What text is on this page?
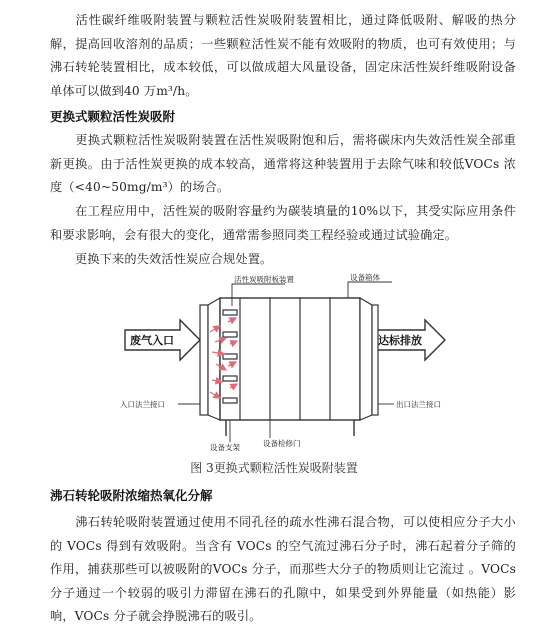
活性碳纤维吸附装置与颗粒活性炭吸附装置相比，通过降低吸附、解吸的热分解，提高回收溶剂的品质；一些颗粒活性炭不能有效吸附的物质，也可有效使用；与沸石转轮装置相比，成本较低，可以做成超大风量设备，固定床活性炭纤维吸附设备单体可以做到40 万m³/h。

更换式颗粒活性炭吸附

更换式颗粒活性炭吸附装置在活性炭吸附饱和后，需将碳床内失效活性炭全部重新更换。由于活性炭更换的成本较高，通常将这种装置用于去除气味和较低VOCs 浓度（<40~50mg/m³）的场合。

在工程应用中，活性炭的吸附容量约为碳装填量的10%以下，其受实际应用条件和要求影响，会有很大的变化，通常需参照同类工程经验或通过试验确定。

更换下来的失效活性炭应合规处置。

废气入口	达标排放
活性炭吸附板装置	设备箱体
入口法兰接口	出口法兰接口
设备支架	设备检修门

图 3更换式颗粒活性炭吸附装置

沸石转轮吸附浓缩热氧化分解

沸石转轮吸附装置通过使用不同孔径的疏水性沸石混合物，可以使相应分子大小的 VOCs 得到有效吸附。当含有 VOCs 的空气流过沸石分子时，沸石起着分子筛的作用，捕获那些可以被吸附的VOCs 分子，而那些大分子的物质则让它流过 。VOCs 分子通过一个较弱的吸引力滞留在沸石的孔隙中，如果受到外界能量（如热能）影响，VOCs 分子就会挣脱沸石的吸引。
